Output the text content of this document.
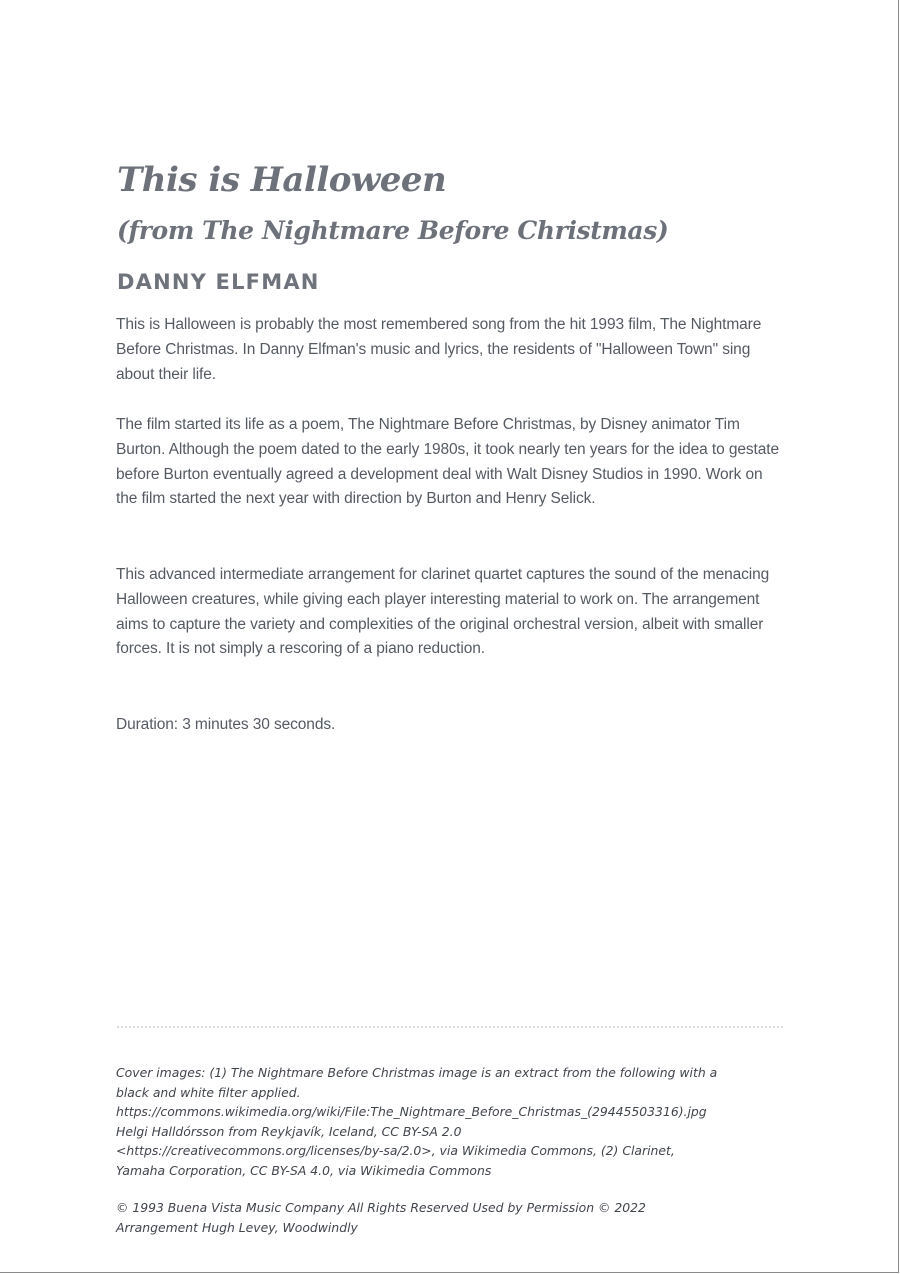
This is Halloween
(from The Nightmare Before Christmas)
DANNY ELFMAN

This is Halloween is probably the most remembered song from the hit 1993 film, The Nightmare Before Christmas. In Danny Elfman's music and lyrics, the residents of "Halloween Town" sing about their life.

The film started its life as a poem, The Nightmare Before Christmas, by Disney animator Tim Burton. Although the poem dated to the early 1980s, it took nearly ten years for the idea to gestate before Burton eventually agreed a development deal with Walt Disney Studios in 1990. Work on the film started the next year with direction by Burton and Henry Selick.

This advanced intermediate arrangement for clarinet quartet captures the sound of the menacing Halloween creatures, while giving each player interesting material to work on. The arrangement aims to capture the variety and complexities of the original orchestral version, albeit with smaller forces. It is not simply a rescoring of a piano reduction.

Duration: 3 minutes 30 seconds.

Cover images: (1) The Nightmare Before Christmas image is an extract from the following with a
black and white filter applied.
https://commons.wikimedia.org/wiki/File:The_Nightmare_Before_Christmas_(29445503316).jpg
Helgi Halldórsson from Reykjavík, Iceland, CC BY-SA 2.0
<https://creativecommons.org/licenses/by-sa/2.0>, via Wikimedia Commons, (2) Clarinet,
Yamaha Corporation, CC BY-SA 4.0, via Wikimedia Commons

© 1993 Buena Vista Music Company All Rights Reserved Used by Permission © 2022
Arrangement Hugh Levey, Woodwindly
